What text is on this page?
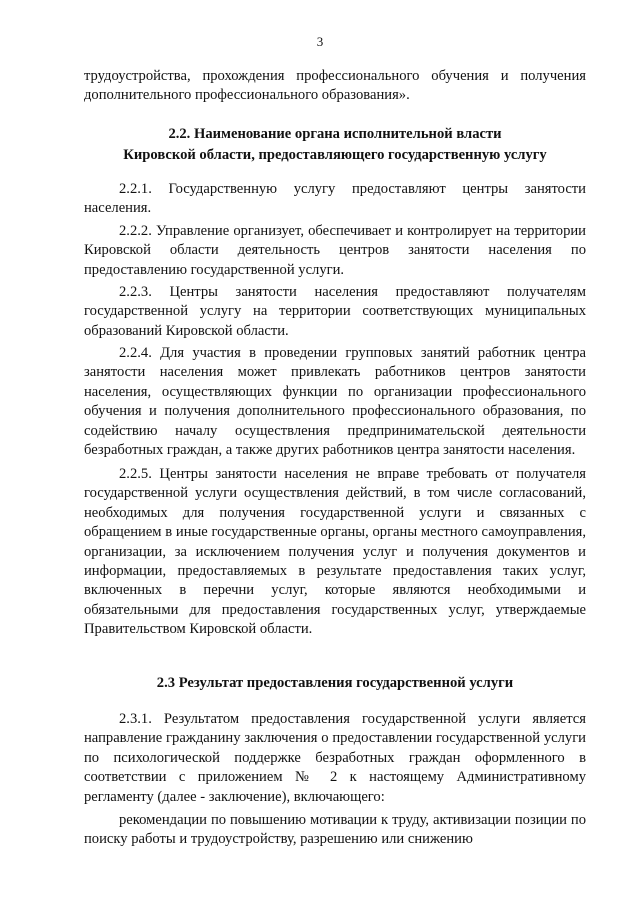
3

трудоустройства, прохождения профессионального обучения и получения дополнительного профессионального образования».

2.2. Наименование органа исполнительной власти
Кировской области, предоставляющего государственную услугу

2.2.1. Государственную услугу предоставляют центры занятости населения.

2.2.2. Управление организует, обеспечивает и контролирует на территории Кировской области деятельность центров занятости населения по предоставлению государственной услуги.

2.2.3. Центры занятости населения предоставляют получателям государственной услугу на территории соответствующих муниципальных образований Кировской области.

2.2.4. Для участия в проведении групповых занятий работник центра занятости населения может привлекать работников центров занятости населения, осуществляющих функции по организации профессионального обучения и получения дополнительного профессионального образования, по содействию началу осуществления предпринимательской деятельности безработных граждан, а также других работников центра занятости населения.

2.2.5. Центры занятости населения не вправе требовать от получателя государственной услуги осуществления действий, в том числе согласований, необходимых для получения государственной услуги и связанных с обращением в иные государственные органы, органы местного самоуправления, организации, за исключением получения услуг и получения документов и информации, предоставляемых в результате предоставления таких услуг, включенных в перечни услуг, которые являются необходимыми и обязательными для предоставления государственных услуг, утверждаемые Правительством Кировской области.

2.3 Результат предоставления государственной услуги

2.3.1. Результатом предоставления государственной услуги является направление гражданину заключения о предоставлении государственной услуги по психологической поддержке безработных граждан оформленного в соответствии с приложением № 2 к настоящему Административному регламенту (далее - заключение), включающего:

рекомендации по повышению мотивации к труду, активизации позиции по поиску работы и трудоустройству, разрешению или снижению
